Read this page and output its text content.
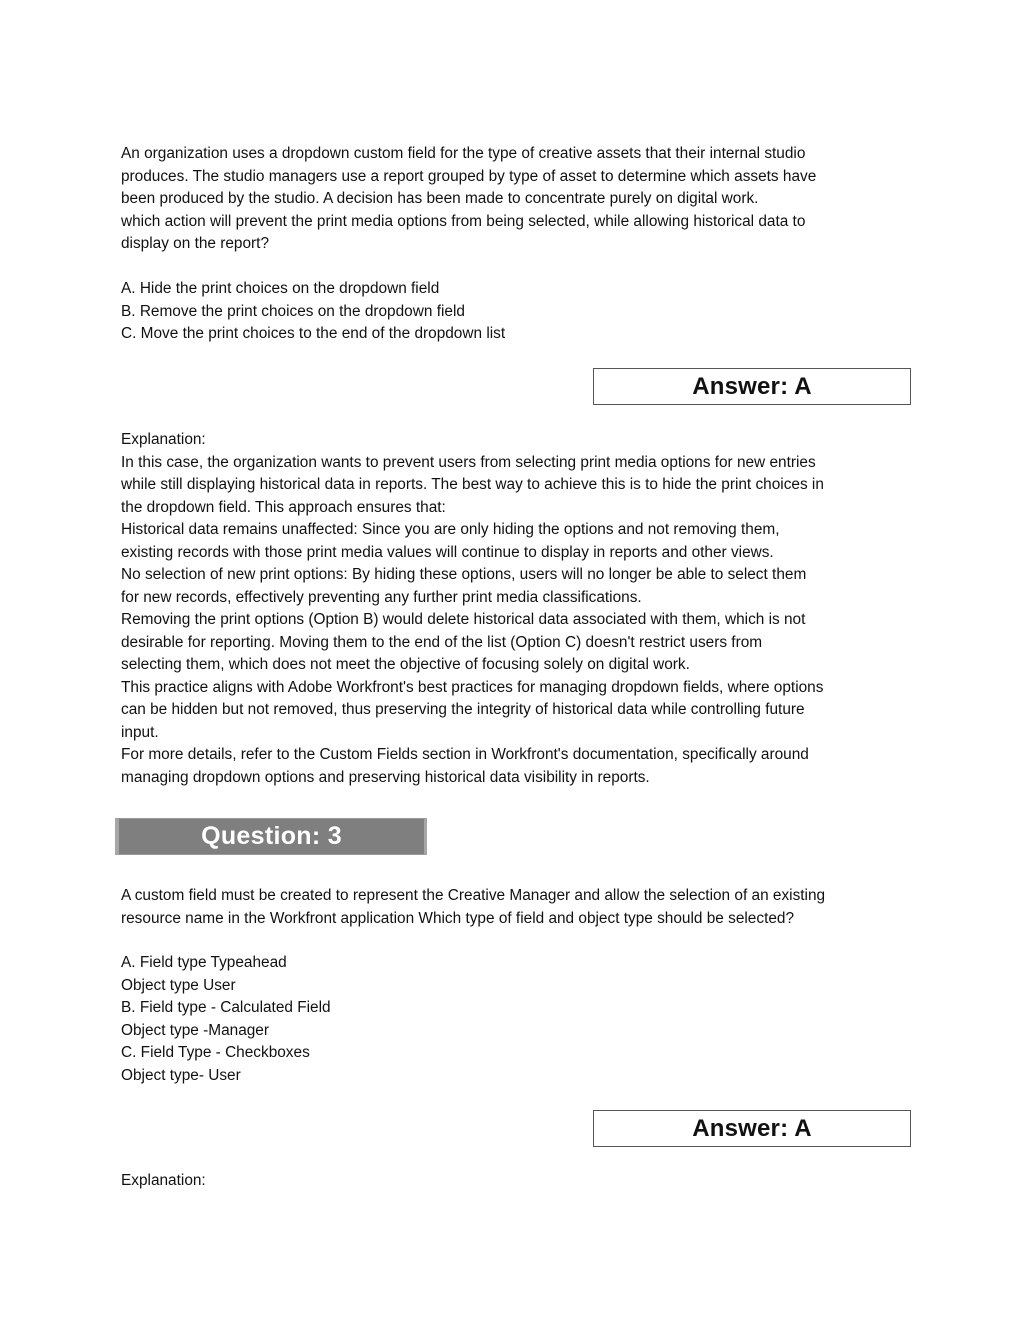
An organization uses a dropdown custom field for the type of creative assets that their internal studio
produces. The studio managers use a report grouped by type of asset to determine which assets have
been produced by the studio. A decision has been made to concentrate purely on digital work.
which action will prevent the print media options from being selected, while allowing historical data to
display on the report?
A. Hide the print choices on the dropdown field
B. Remove the print choices on the dropdown field
C. Move the print choices to the end of the dropdown list
Answer: A
Explanation:
In this case, the organization wants to prevent users from selecting print media options for new entries
while still displaying historical data in reports. The best way to achieve this is to hide the print choices in
the dropdown field. This approach ensures that:
Historical data remains unaffected: Since you are only hiding the options and not removing them,
existing records with those print media values will continue to display in reports and other views.
No selection of new print options: By hiding these options, users will no longer be able to select them
for new records, effectively preventing any further print media classifications.
Removing the print options (Option B) would delete historical data associated with them, which is not
desirable for reporting. Moving them to the end of the list (Option C) doesn't restrict users from
selecting them, which does not meet the objective of focusing solely on digital work.
This practice aligns with Adobe Workfront's best practices for managing dropdown fields, where options
can be hidden but not removed, thus preserving the integrity of historical data while controlling future
input.
For more details, refer to the Custom Fields section in Workfront's documentation, specifically around
managing dropdown options and preserving historical data visibility in reports.
Question: 3
A custom field must be created to represent the Creative Manager and allow the selection of an existing
resource name in the Workfront application Which type of field and object type should be selected?
A. Field type Typeahead
Object type User
B. Field type - Calculated Field
Object type -Manager
C. Field Type - Checkboxes
Object type- User
Answer: A
Explanation:
